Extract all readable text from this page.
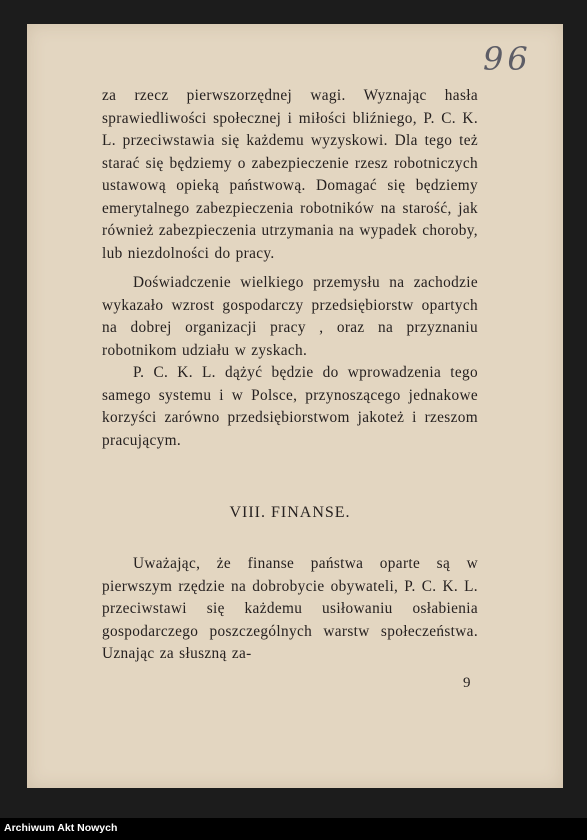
96

za rzecz pierwszorzędnej wagi. Wyznając hasła sprawiedliwości społecznej i miłości bliźniego, P. C. K. L. przeciwstawia się każdemu wyzyskowi. Dla tego też starać się będziemy o zabezpieczenie rzesz robotniczych ustawową opieką państwową. Domagać się będziemy emerytalnego zabezpieczenia robotników na starość, jak również zabezpieczenia utrzymania na wypadek choroby, lub niezdolności do pracy.

Doświadczenie wielkiego przemysłu na zachodzie wykazało wzrost gospodarczy przedsiębiorstw opartych na dobrej organizacji pracy , oraz na przyznaniu robotnikom udziału w zyskach.

P. C. K. L. dążyć będzie do wprowadzenia tego samego systemu i w Polsce, przynoszącego jednakowe korzyści zarówno przedsiębiorstwom jakoteż i rzeszom pracującym.

VIII. FINANSE.

Uważając, że finanse państwa oparte są w pierwszym rzędzie na dobrobycie obywateli, P. C. K. L. przeciwstawi się każdemu usiłowaniu osłabienia gospodarczego poszczególnych warstw społeczeństwa. Uznając za słuszną za-

9
Archiwum Akt Nowych
